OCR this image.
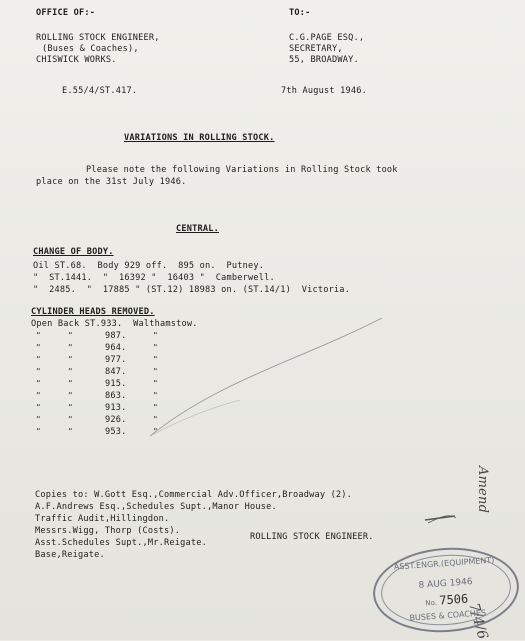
OFFICE OF:-	TO:-
ROLLING STOCK ENGINEER,
(Buses & Coaches),
CHISWICK WORKS.
C.G.PAGE ESQ.,
SECRETARY,
55, BROADWAY.
E.55/4/ST.417.	7th August 1946.
VARIATIONS IN ROLLING STOCK.
Please note the following Variations in Rolling Stock took
place on the 31st July 1946.
CENTRAL.
CHANGE OF BODY.
Oil ST.68.  Body 929 off.  895 on.  Putney.
"  ST.1441.  "  16392 "  16403 "  Camberwell.
"  2485.  "  17885 " (ST.12) 18983 on. (ST.14/1)  Victoria.
CYLINDER HEADS REMOVED.
Open Back ST.933.  Walthamstow.
"	"	987.	"
"	"	964.	"
"	"	977.	"
"	"	847.	"
"	"	915.	"
"	"	863.	"
"	"	913.	"
"	"	926.	"
"	"	953.	"
Copies to: W.Gott Esq.,Commercial Adv.Officer,Broadway (2).
A.F.Andrews Esq.,Schedules Supt.,Manor House.
Traffic Audit,Hillingdon.
Messrs.Wigg, Thorp (Costs).
Asst.Schedules Supt.,Mr.Reigate.
Base,Reigate.
ROLLING STOCK ENGINEER.
Amend
7/4/6
ASST.ENGR.(EQUIPMENT)
8 AUG 1946
No. 7506
BUSES & COACHES
